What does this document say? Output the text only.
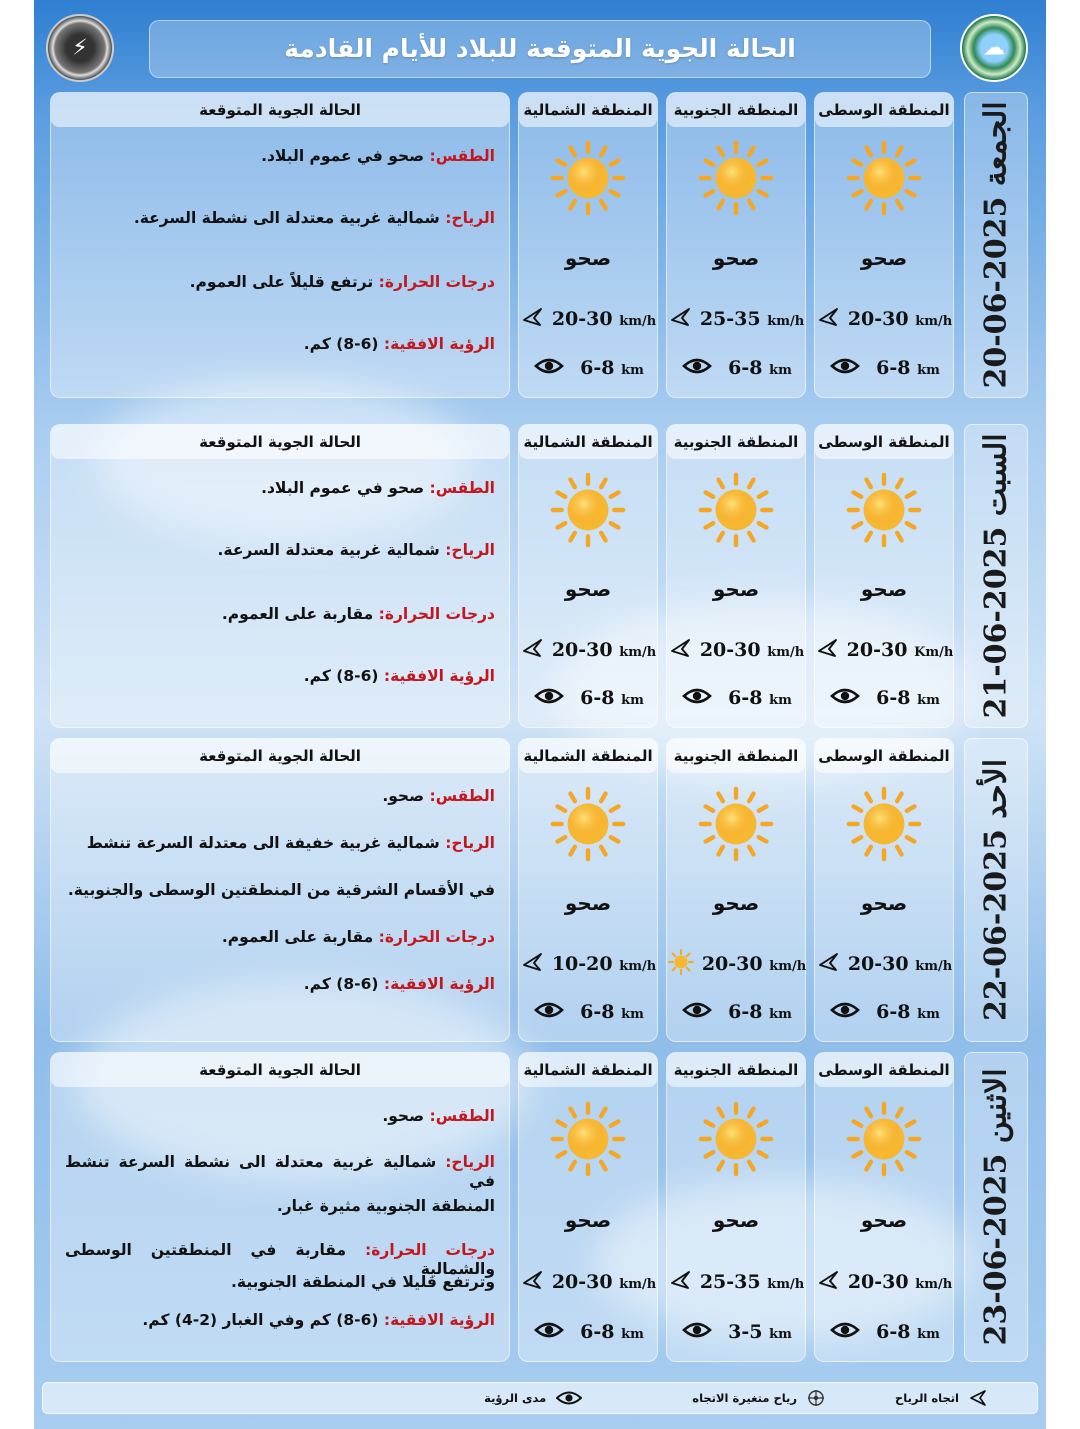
⚡	الحالة الجوية المتوقعة للبلاد للأيام القادمة	☁
الجمعة 2025-06-20
المنطقة الوسطى
صحو
20-30 km/h
6-8 km
المنطقة الجنوبية
صحو
25-35 km/h
6-8 km
المنطقة الشمالية
صحو
20-30 km/h
6-8 km
الحالة الجوية المتوقعة
الطقس: صحو في عموم البلاد.
الرياح: شمالية غربية معتدلة الى نشطة السرعة.
درجات الحرارة: ترتفع قليلاً على العموم.
الرؤية الافقية: (6-8) كم.
السبت 2025-06-21
المنطقة الوسطى
صحو
20-30 Km/h
6-8 km
المنطقة الجنوبية
صحو
20-30 km/h
6-8 km
المنطقة الشمالية
صحو
20-30 km/h
6-8 km
الحالة الجوية المتوقعة
الطقس: صحو في عموم البلاد.
الرياح: شمالية غربية معتدلة السرعة.
درجات الحرارة: مقاربة على العموم.
الرؤية الافقية: (6-8) كم.
الأحد 2025-06-22
المنطقة الوسطى
صحو
20-30 km/h
6-8 km
المنطقة الجنوبية
صحو
20-30 km/h
6-8 km
المنطقة الشمالية
صحو
10-20 km/h
6-8 km
الحالة الجوية المتوقعة
الطقس: صحو.
الرياح: شمالية غربية خفيفة الى معتدلة السرعة تنشط
في الأقسام الشرقية من المنطقتين الوسطى والجنوبية.
درجات الحرارة: مقاربة على العموم.
الرؤية الافقية: (6-8) كم.
الاثنين 2025-06-23
المنطقة الوسطى
صحو
20-30 km/h
6-8 km
المنطقة الجنوبية
صحو
25-35 km/h
3-5 km
المنطقة الشمالية
صحو
20-30 km/h
6-8 km
الحالة الجوية المتوقعة
الطقس: صحو.
الرياح: شمالية غربية معتدلة الى نشطة السرعة تنشط في
المنطقة الجنوبية مثيرة غبار.
درجات الحرارة: مقاربة في المنطقتين الوسطى والشمالية
وترتفع قليلا في المنطقة الجنوبية.
الرؤية الافقية: (6-8) كم وفي الغبار (2-4) كم.
اتجاه الرياح
رياح متغيرة الاتجاه
مدى الرؤية
